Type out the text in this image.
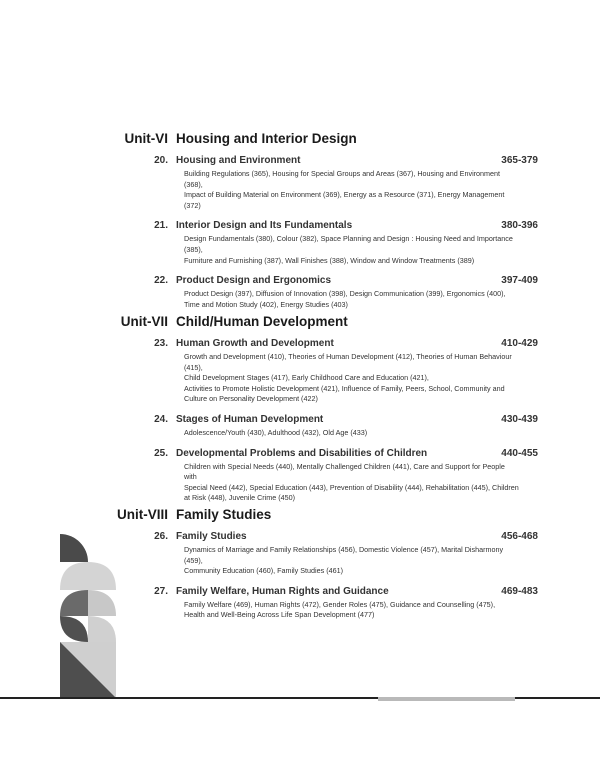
Unit-VI Housing and Interior Design
20. Housing and Environment	365-379
Building Regulations (365), Housing for Special Groups and Areas (367), Housing and Environment
(368),
Impact of Building Material on Environment (369), Energy as a Resource (371), Energy Management
(372)
21. Interior Design and Its Fundamentals	380-396
Design Fundamentals (380), Colour (382), Space Planning and Design : Housing Need and Importance
(385),
Furniture and Furnishing (387), Wall Finishes (388), Window and Window Treatments (389)
22. Product Design and Ergonomics	397-409
Product Design (397), Diffusion of Innovation (398), Design Communication (399), Ergonomics (400),
Time and Motion Study (402), Energy Studies (403)
Unit-VII Child/Human Development
23. Human Growth and Development	410-429
Growth and Development (410), Theories of Human Development (412), Theories of Human Behaviour
(415),
Child Development Stages (417), Early Childhood Care and Education (421),
Activities to Promote Holistic Development (421), Influence of Family, Peers, School, Community and
Culture on Personality Development (422)
24. Stages of Human Development	430-439
Adolescence/Youth (430), Adulthood (432), Old Age (433)
25. Developmental Problems and Disabilities of Children	440-455
Children with Special Needs (440), Mentally Challenged Children (441), Care and Support for People
with
Special Need (442), Special Education (443), Prevention of Disability (444), Rehabilitation (445), Children
at Risk (448), Juvenile Crime (450)
Unit-VIII Family Studies
26. Family Studies	456-468
Dynamics of Marriage and Family Relationships (456), Domestic Violence (457), Marital Disharmony
(459),
Community Education (460), Family Studies (461)
27. Family Welfare, Human Rights and Guidance	469-483
Family Welfare (469), Human Rights (472), Gender Roles (475), Guidance and Counselling (475),
Health and Well-Being Across Life Span Development (477)
